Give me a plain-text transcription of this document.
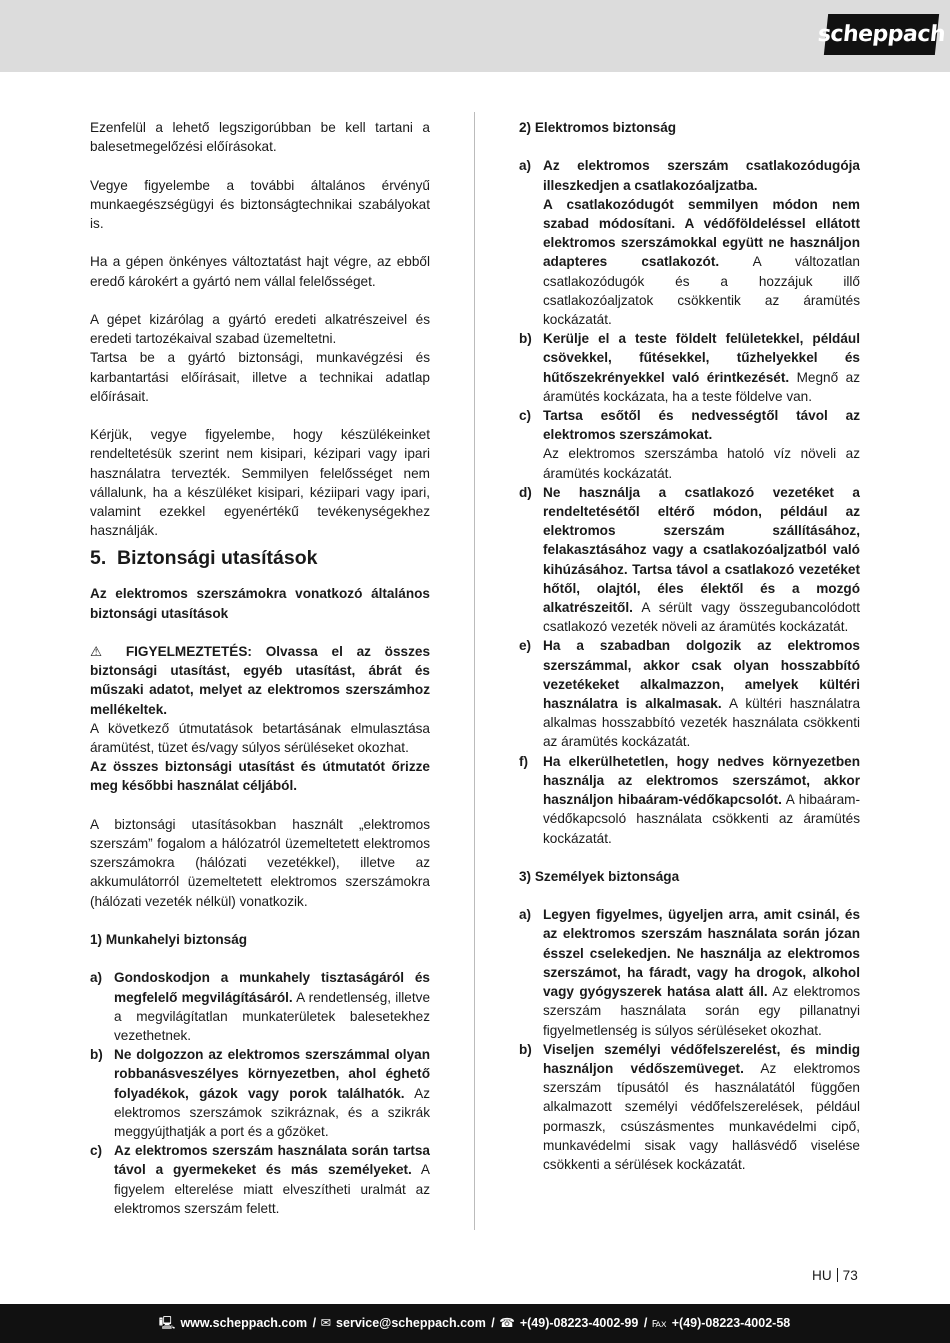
scheppach

Ezenfelül a lehető legszigorúbban be kell tartani a balesetmegelőzési előírásokat.

Vegye figyelembe a további általános érvényű munkaegészségügyi és biztonságtechnikai szabályokat is.

Ha a gépen önkényes változtatást hajt végre, az ebből eredő károkért a gyártó nem vállal felelősséget.

A gépet kizárólag a gyártó eredeti alkatrészeivel és eredeti tartozékaival szabad üzemeltetni.

Tartsa be a gyártó biztonsági, munkavégzési és karbantartási előírásait, illetve a technikai adatlap előírásait.

Kérjük, vegye figyelembe, hogy készülékeinket rendeltetésük szerint nem kisipari, kézipari vagy ipari használatra tervezték. Semmilyen felelősséget nem vállalunk, ha a készüléket kisipari, kéziipari vagy ipari, valamint ezekkel egyenértékű tevékenységekhez használják.

5. Biztonsági utasítások

Az elektromos szerszámokra vonatkozó általános biztonsági utasítások

⚠ FIGYELMEZTETÉS: Olvassa el az összes biztonsági utasítást, egyéb utasítást, ábrát és műszaki adatot, melyet az elektromos szerszámhoz mellékeltek.

A következő útmutatások betartásának elmulasztása áramütést, tüzet és/vagy súlyos sérüléseket okozhat.

Az összes biztonsági utasítást és útmutatót őrizze meg későbbi használat céljából.

A biztonsági utasításokban használt „elektromos szerszám” fogalom a hálózatról üzemeltetett elektromos szerszámokra (hálózati vezetékkel), illetve az akkumulátorról üzemeltetett elektromos szerszámokra (hálózati vezeték nélkül) vonatkozik.

1) Munkahelyi biztonság

a) Gondoskodjon a munkahely tisztaságáról és megfelelő megvilágításáról. A rendetlenség, illetve a megvilágítatlan munkaterületek balesetekhez vezethetnek.
b) Ne dolgozzon az elektromos szerszámmal olyan robbanásveszélyes környezetben, ahol éghető folyadékok, gázok vagy porok találhatók. Az elektromos szerszámok szikráznak, és a szikrák meggyújthatják a port és a gőzöket.
c) Az elektromos szerszám használata során tartsa távol a gyermekeket és más személyeket. A figyelem elterelése miatt elveszítheti uralmát az elektromos szerszám felett.

2) Elektromos biztonság

a) Az elektromos szerszám csatlakozódugója illeszkedjen a csatlakozóaljzatba.
A csatlakozódugót semmilyen módon nem szabad módosítani. A védőföldeléssel ellátott elektromos szerszámokkal együtt ne használjon adapteres csatlakozót. A változatlan csatlakozódugók és a hozzájuk illő csatlakozóaljzatok csökkentik az áramütés kockázatát.
b) Kerülje el a teste földelt felületekkel, például csövekkel, fűtésekkel, tűzhelyekkel és hűtőszekrényekkel való érintkezését. Megnő az áramütés kockázata, ha a teste földelve van.
c) Tartsa esőtől és nedvességtől távol az elektromos szerszámokat.
Az elektromos szerszámba hatoló víz növeli az áramütés kockázatát.
d) Ne használja a csatlakozó vezetéket a rendeltetésétől eltérő módon, például az elektromos szerszám szállításához, felakasztásához vagy a csatlakozóaljzatból való kihúzásához. Tartsa távol a csatlakozó vezetéket hőtől, olajtól, éles élektől és a mozgó alkatrészeitől. A sérült vagy összegubancolódott csatlakozó vezeték növeli az áramütés kockázatát.
e) Ha a szabadban dolgozik az elektromos szerszámmal, akkor csak olyan hosszabbító vezetékeket alkalmazzon, amelyek kültéri használatra is alkalmasak. A kültéri használatra alkalmas hosszabbító vezeték használata csökkenti az áramütés kockázatát.
f)	Ha elkerülhetetlen, hogy nedves környezetben használja az elektromos szerszámot, akkor használjon hibaáram-védőkapcsolót. A hibaáram-védőkapcsoló használata csökkenti az áramütés kockázatát.

3) Személyek biztonsága

a) Legyen figyelmes, ügyeljen arra, amit csinál, és az elektromos szerszám használata során józan ésszel cselekedjen. Ne használja az elektromos szerszámot, ha fáradt, vagy ha drogok, alkohol vagy gyógyszerek hatása alatt áll. Az elektromos szerszám használata során egy pillanatnyi figyelmetlenség is súlyos sérüléseket okozhat.
b) Viseljen személyi védőfelszerelést, és mindig használjon védőszemüveget. Az elektromos szerszám típusától és használatától függően alkalmazott személyi védőfelszerelések, például pormaszk, csúszásmentes munkavédelmi cipő, munkavédelmi sisak vagy hallásvédő viselése csökkenti a sérülések kockázatát.
HU 73
🖳 www.scheppach.com / ✉ service@scheppach.com / ☎ +(49)-08223-4002-99 / ℻ +(49)-08223-4002-58
